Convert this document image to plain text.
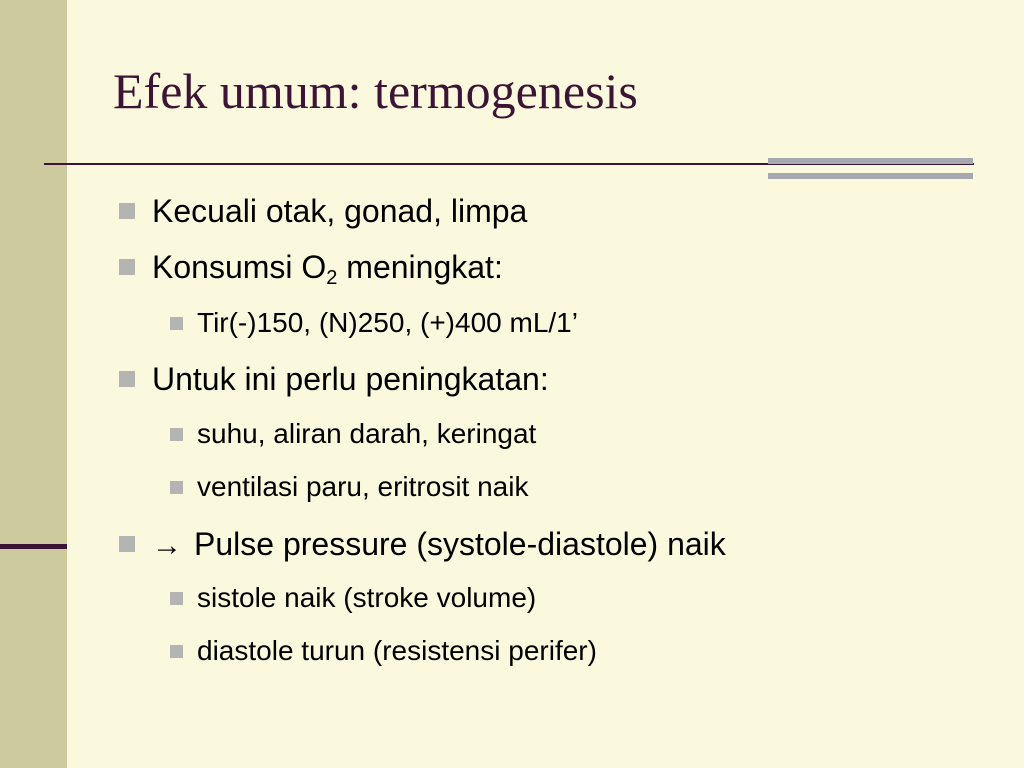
Efek umum: termogenesis
Kecuali otak, gonad, limpa
Konsumsi $O_2$ meningkat:
Tir(-)150, (N)250, (+)400 mL/1’
Untuk ini perlu peningkatan:
suhu, aliran darah, keringat
ventilasi paru, eritrosit naik
→ Pulse pressure (systole-diastole) naik
sistole naik (stroke volume)
diastole turun (resistensi perifer)
